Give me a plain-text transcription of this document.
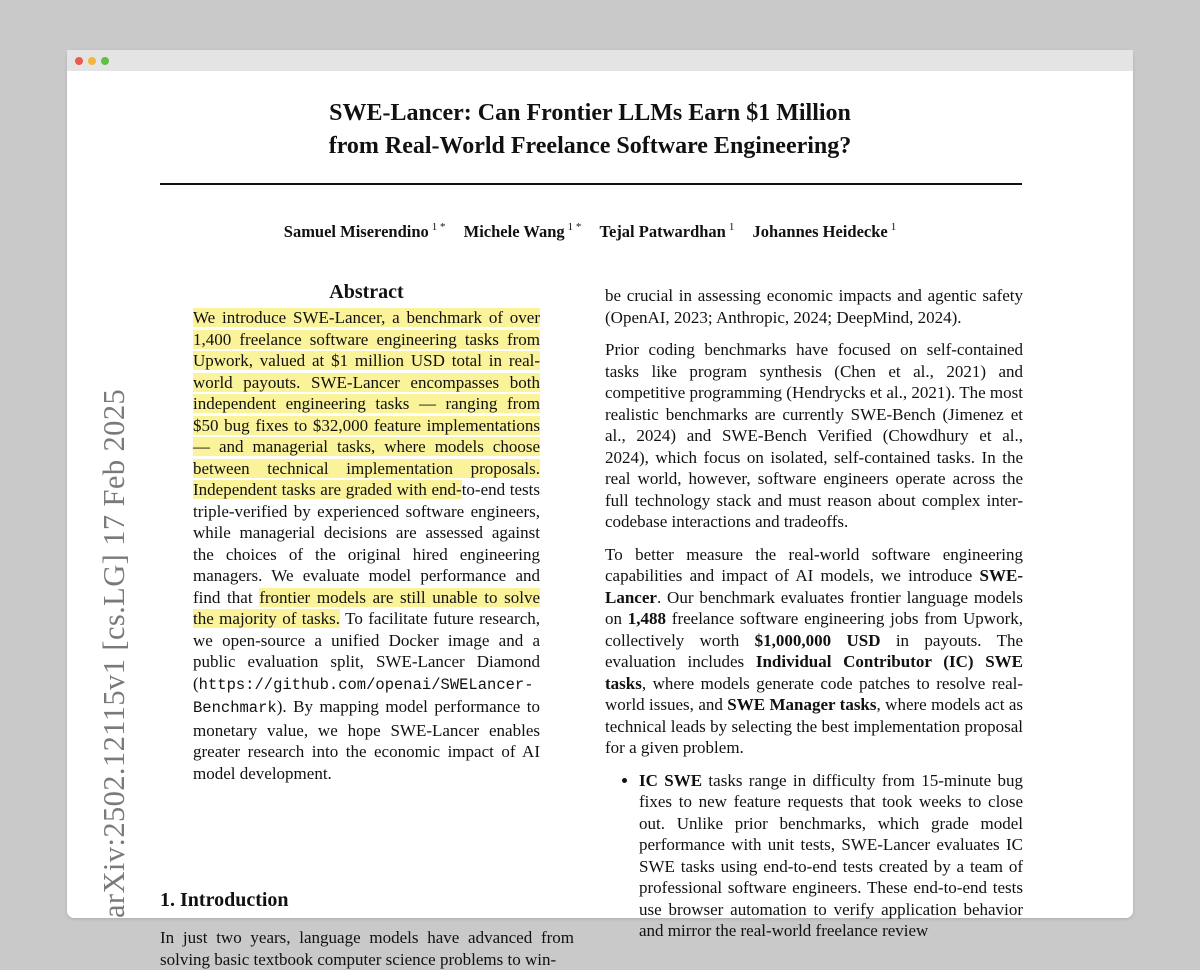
arXiv:2502.12115v1 [cs.LG] 17 Feb 2025
SWE-Lancer: Can Frontier LLMs Earn $1 Million
from Real-World Freelance Software Engineering?
Samuel Miserendino $^{1 *}$ Michele Wang $^{1 *}$ Tejal Patwardhan $^1$ Johannes Heidecke $^1$
Abstract

We introduce SWE-Lancer, a benchmark of over 1,400 freelance software engineering tasks from Upwork, valued at $1 million USD total in real-world payouts. SWE-Lancer encompasses both independent engineering tasks — ranging from $50 bug fixes to $32,000 feature implementations — and managerial tasks, where models choose between technical implementation proposals. Independent tasks are graded with end-to-end tests triple-verified by experienced software engineers, while managerial decisions are assessed against the choices of the original hired engineering managers. We evaluate model performance and find that frontier models are still unable to solve the majority of tasks. To facilitate future research, we open-source a unified Docker image and a public evaluation split, SWE-Lancer Diamond (https://github.com/openai/SWELancer-Benchmark). By mapping model performance to monetary value, we hope SWE-Lancer enables greater research into the economic impact of AI model development.

1. Introduction

In just two years, language models have advanced from solving basic textbook computer science problems to win-

be crucial in assessing economic impacts and agentic safety (OpenAI, 2023; Anthropic, 2024; DeepMind, 2024).

Prior coding benchmarks have focused on self-contained tasks like program synthesis (Chen et al., 2021) and competitive programming (Hendrycks et al., 2021). The most realistic benchmarks are currently SWE-Bench (Jimenez et al., 2024) and SWE-Bench Verified (Chowdhury et al., 2024), which focus on isolated, self-contained tasks. In the real world, however, software engineers operate across the full technology stack and must reason about complex inter-codebase interactions and tradeoffs.

To better measure the real-world software engineering capabilities and impact of AI models, we introduce SWE-Lancer. Our benchmark evaluates frontier language models on 1,488 freelance software engineering jobs from Upwork, collectively worth $1,000,000 USD in payouts. The evaluation includes Individual Contributor (IC) SWE tasks, where models generate code patches to resolve real-world issues, and SWE Manager tasks, where models act as technical leads by selecting the best implementation proposal for a given problem.

• IC SWE tasks range in difficulty from 15-minute bug fixes to new feature requests that took weeks to close out. Unlike prior benchmarks, which grade model performance with unit tests, SWE-Lancer evaluates IC SWE tasks using end-to-end tests created by a team of professional software engineers. These end-to-end tests use browser automation to verify application behavior and mirror the real-world freelance review
